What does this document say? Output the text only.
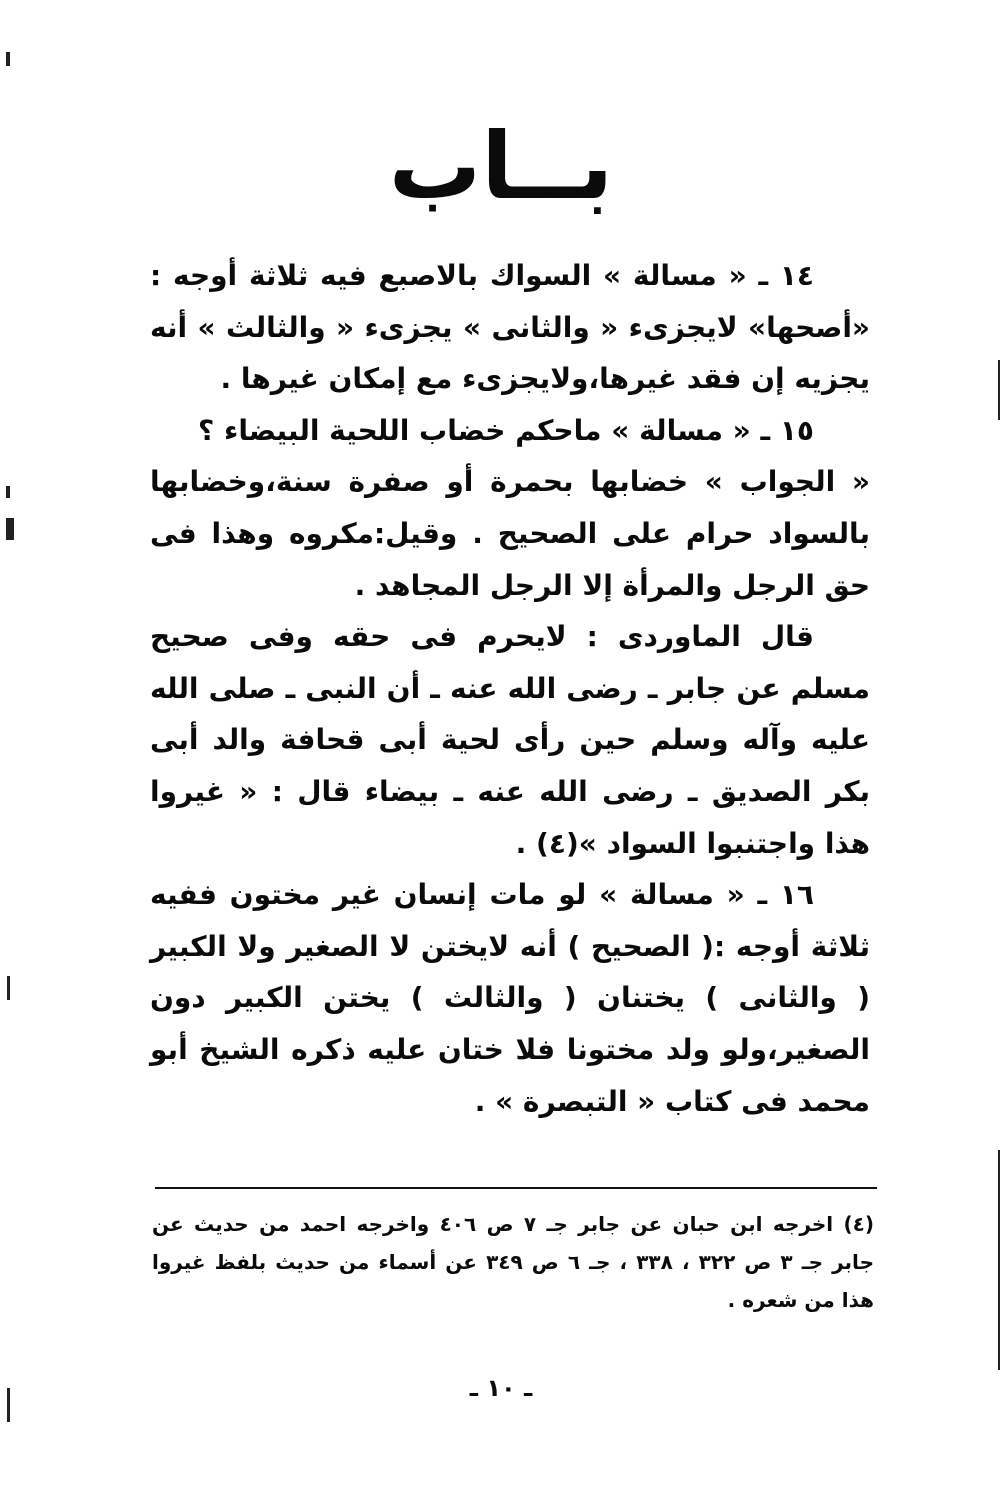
بــاب

١٤ ـ « مسالة » السواك بالاصبع فيه ثلاثة أوجه : «أصحها» لايجزىء « والثانى » يجزىء « والثالث » أنه يجزيه إن فقد غيرها،ولايجزىء مع إمكان غيرها .

١٥ ـ « مسالة » ماحكم خضاب اللحية البيضاء ؟

« الجواب » خضابها بحمرة أو صفرة سنة،وخضابها بالسواد حرام على الصحيح . وقيل:مكروه وهذا فى حق الرجل والمرأة إلا الرجل المجاهد .

قال الماوردى : لايحرم فى حقه وفى صحيح مسلم عن جابر ـ رضى الله عنه ـ أن النبى ـ صلى الله عليه وآله وسلم حين رأى لحية أبى قحافة والد أبى بكر الصديق ـ رضى الله عنه ـ بيضاء قال : « غيروا هذا واجتنبوا السواد »(٤) .

١٦ ـ « مسالة » لو مات إنسان غير مختون ففيه ثلاثة أوجه :( الصحيح ) أنه لايختن لا الصغير ولا الكبير ( والثانى ) يختنان ( والثالث ) يختن الكبير دون الصغير،ولو ولد مختونا فلا ختان عليه ذكره الشيخ أبو محمد فى كتاب « التبصرة » .

(٤) اخرجه ابن حبان عن جابر جـ ٧ ص ٤٠٦ واخرجه احمد من حديث عن جابر جـ ٣ ص ٣٢٢ ، ٣٣٨ ، جـ ٦ ص ٣٤٩ عن أسماء من حديث بلفظ غيروا هذا من شعره .

ـ ١٠ ـ
